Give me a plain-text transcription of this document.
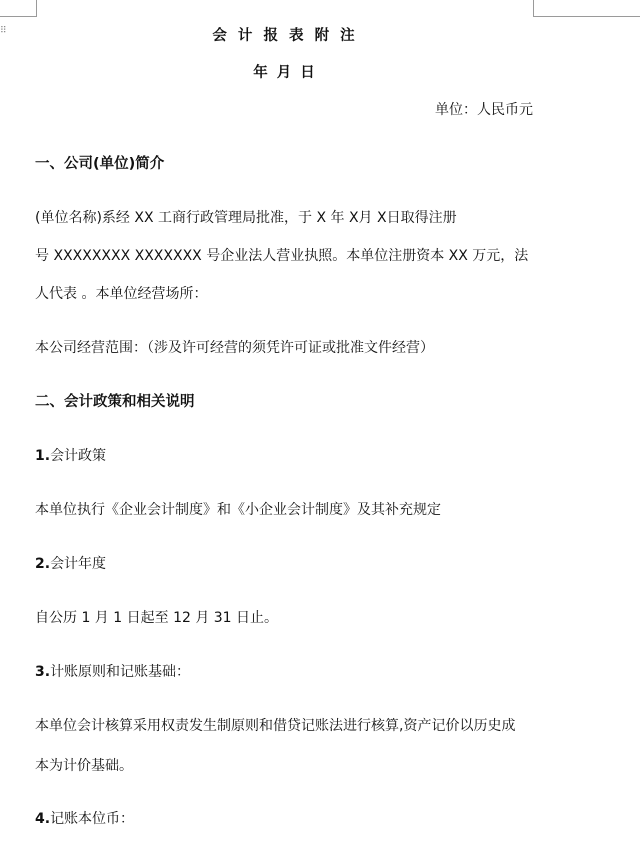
⠿	会 计 报 表 附 注
年 月 日
单位：人民币元
一、公司(单位)简介
(单位名称)系经 XX 工商行政管理局批准，于 X 年 X月 X日取得注册
号 XXXXXXXX XXXXXXX 号企业法人营业执照。本单位注册资本 XX 万元，法
人代表 。本单位经营场所：
本公司经营范围：（涉及许可经营的须凭许可证或批准文件经营）
二、会计政策和相关说明
1.会计政策
本单位执行《企业会计制度》和《小企业会计制度》及其补充规定
2.会计年度
自公历 1 月 1 日起至 12 月 31 日止。
3.计账原则和记账基础：
本单位会计核算采用权责发生制原则和借贷记账法进行核算,资产记价以历史成
本为计价基础。
4.记账本位币：
